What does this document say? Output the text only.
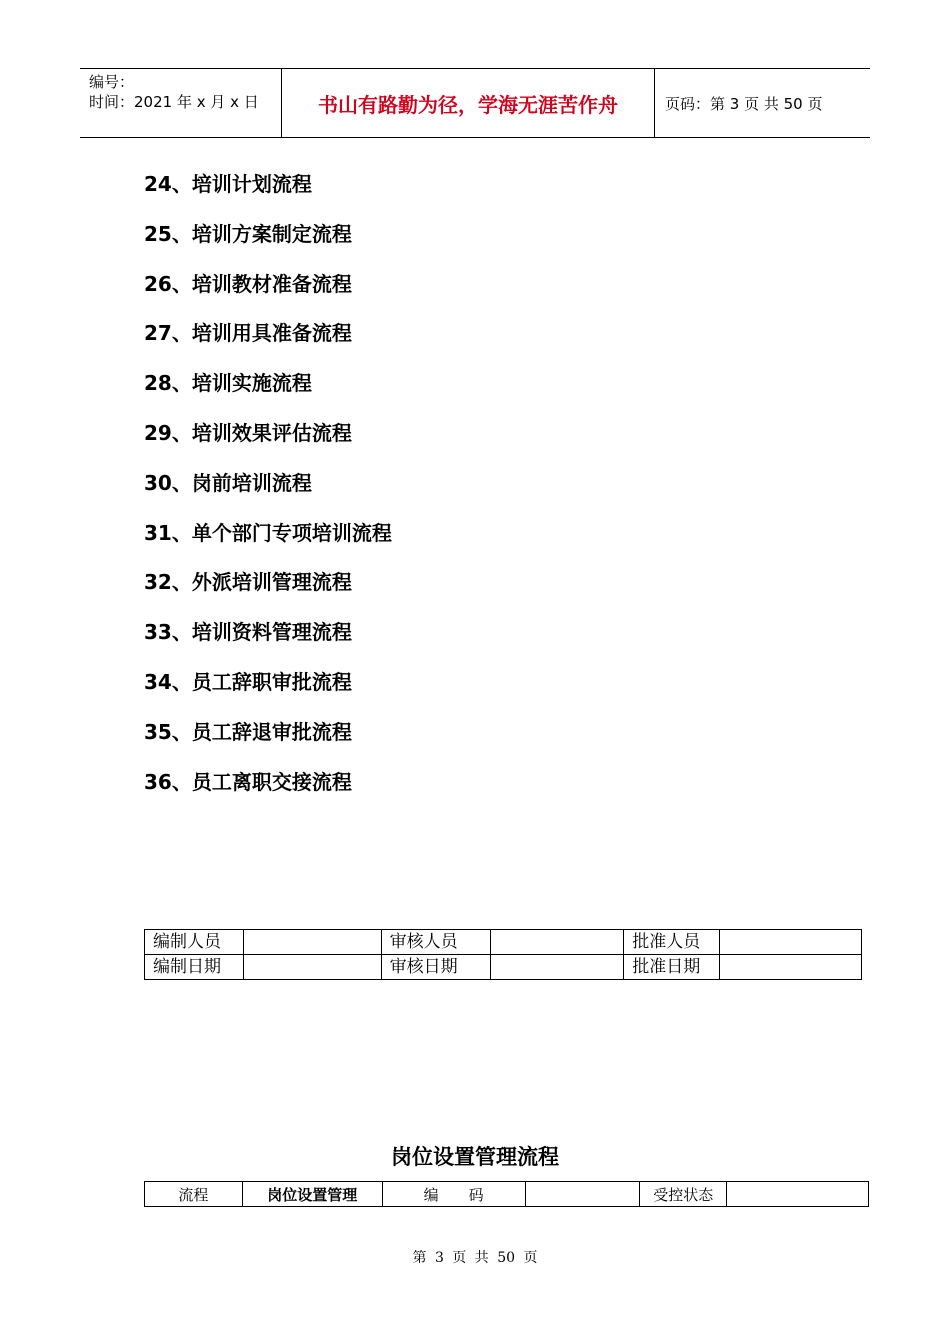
编号：
时间：2021 年 x 月 x 日	书山有路勤为径，学海无涯苦作舟	页码：第 3 页 共 50 页
24、培训计划流程
25、培训方案制定流程
26、培训教材准备流程
27、培训用具准备流程
28、培训实施流程
29、培训效果评估流程
30、岗前培训流程
31、单个部门专项培训流程
32、外派培训管理流程
33、培训资料管理流程
34、员工辞职审批流程
35、员工辞退审批流程
36、员工离职交接流程
编制人员		审核人员		批准人员	
编制日期		审核日期		批准日期	
岗位设置管理流程
流程	岗位设置管理	编　　码		受控状态	
第 3 页 共 50 页
